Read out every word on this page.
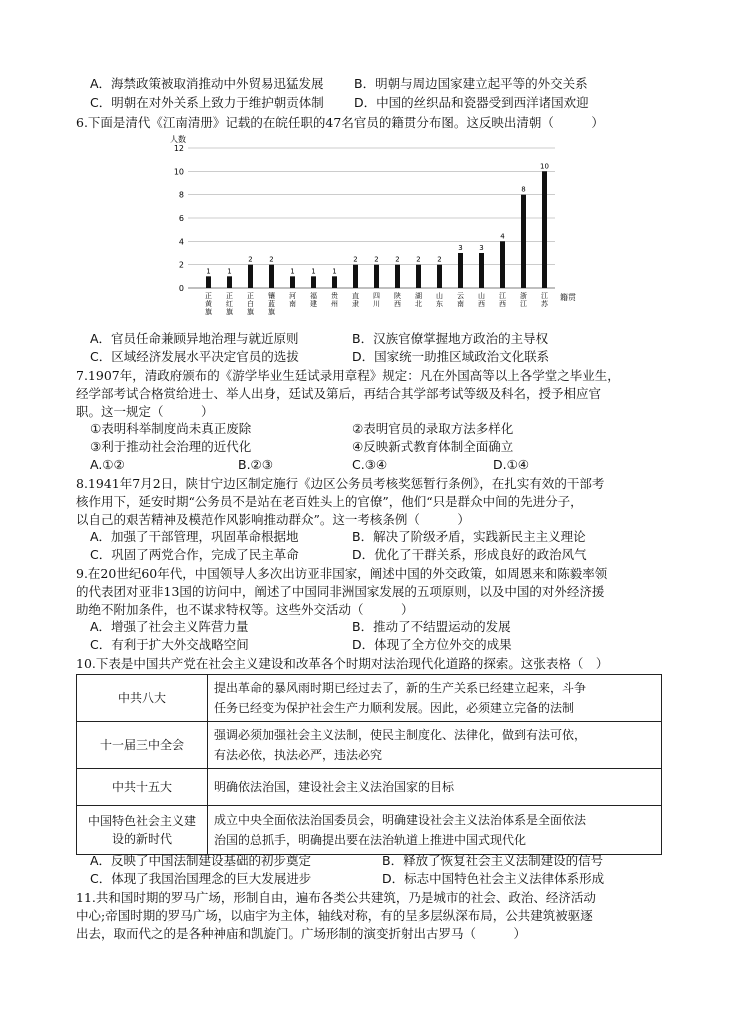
A．海禁政策被取消推动中外贸易迅猛发展 B．明朝与周边国家建立起平等的外交关系
C．明朝在对外关系上致力于维护朝贡体制 D．中国的丝织品和瓷器受到西洋诸国欢迎
6.下面是清代《江南清册》记载的在皖任职的47名官员的籍贯分布图。这反映出清朝（　　　）
人数
0
2
4
6
8
10
12
1 1
2 2
1 1 1
2 2 2 2 2
3 3
4
8
10
正黄旗
正红旗
正白旗
镶蓝旗
河南
福建
贵州
直隶
四川
陕西
湖北
山东
云南
山西
江西
浙江
江苏
籍贯
A．官员任命兼顾异地治理与就近原则	B．汉族官僚掌握地方政治的主导权
C．区域经济发展水平决定官员的选拔	D．国家统一助推区域政治文化联系
7.1907年，清政府颁布的《游学毕业生廷试录用章程》规定：凡在外国高等以上各学堂之毕业生，
经学部考试合格赏给进士、举人出身，廷试及第后，再结合其学部考试等级及科名，授予相应官
职。这一规定（　　　）
①表明科举制度尚未真正废除	②表明官员的录取方法多样化
③利于推动社会治理的近代化	④反映新式教育体制全面确立
A.①②	B.②③	C.③④	D.①④
8.1941年7月2日，陕甘宁边区制定施行《边区公务员考核奖惩暂行条例》，在扎实有效的干部考
核作用下，延安时期“公务员不是站在老百姓头上的官僚”，他们“只是群众中间的先进分子，
以自己的艰苦精神及模范作风影响推动群众”。这一考核条例（　　　）
A．加强了干部管理，巩固革命根据地	B．解决了阶级矛盾，实践新民主主义理论
C．巩固了两党合作，完成了民主革命	D．优化了干群关系，形成良好的政治风气
9.在20世纪60年代，中国领导人多次出访亚非国家，阐述中国的外交政策，如周恩来和陈毅率领
的代表团对亚非13国的访问中，阐述了中国同非洲国家发展的五项原则，以及中国的对外经济援
助绝不附加条件，也不谋求特权等。这些外交活动（　　　）
A．增强了社会主义阵营力量	B．推动了不结盟运动的发展
C．有利于扩大外交战略空间	D．体现了全方位外交的成果
10.下表是中国共产党在社会主义建设和改革各个时期对法治现代化道路的探索。这张表格（　）
中共八大	提出革命的暴风雨时期已经过去了，新的生产关系已经建立起来，斗争
任务已经变为保护社会生产力顺利发展。因此，必须建立完备的法制

十一届三中全会	强调必须加强社会主义法制，使民主制度化、法律化，做到有法可依，
有法必依，执法必严，违法必究

中共十五大	明确依法治国，建设社会主义法治国家的目标

中国特色社会主义建设的新时代	成立中央全面依法治国委员会，明确建设社会主义法治体系是全面依法
治国的总抓手，明确提出要在法治轨道上推进中国式现代化
A．反映了中国法制建设基础的初步奠定	B．释放了恢复社会主义法制建设的信号
C．体现了我国治国理念的巨大发展进步	D．标志中国特色社会主义法律体系形成
11.共和国时期的罗马广场，形制自由，遍布各类公共建筑，乃是城市的社会、政治、经济活动
中心;帝国时期的罗马广场，以庙宇为主体，轴线对称，有的呈多层纵深布局，公共建筑被驱逐
出去，取而代之的是各种神庙和凯旋门。广场形制的演变折射出古罗马（　　　）
